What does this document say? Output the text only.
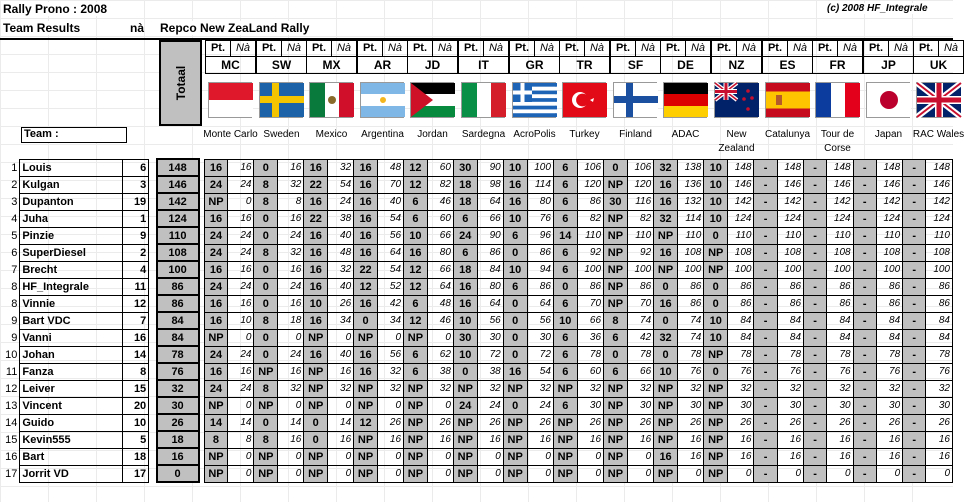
Rally Prono : 2008	(c) 2008 HF_Integrale
Team Results	nà Repco New ZeaLand Rally
Totaal
Team :
Pt. Nà
MC
Monte Carlo
Pt. Nà
SW
Sweden
Pt. Nà
MX
Mexico
Pt. Nà
AR
Argentina
Pt. Nà
JD
Jordan
Pt. Nà
IT
Sardegna
Pt. Nà
GR
AcroPolis
Pt. Nà
TR
Turkey
Pt. Nà
SF
Finland
Pt. Nà
DE
ADAC
Pt. Nà
NZ
New Zealand
Pt. Nà
ES
Catalunya
Pt. Nà
FR
Tour de Corse
Pt. Nà
JP
Japan
Pt. Nà
UK
RAC Wales
1	Louis	6		148		16	16	0	16	16	32	16	48	12	60	30	90	10	100	6	106	0	106	32	138	10	148	-	148	-	148	-	148	-	148
2	Kulgan	3		146		24	24	8	32	22	54	16	70	12	82	18	98	16	114	6	120	NP	120	16	136	10	146	-	146	-	146	-	146	-	146
3	Dupanton	19		142		NP	0	8	8	16	24	16	40	6	46	18	64	16	80	6	86	30	116	16	132	10	142	-	142	-	142	-	142	-	142
4	Juha	1		124		16	16	0	16	22	38	16	54	6	60	6	66	10	76	6	82	NP	82	32	114	10	124	-	124	-	124	-	124	-	124
5	Pinzie	9		110		24	24	0	24	16	40	16	56	10	66	24	90	6	96	14	110	NP	110	NP	110	0	110	-	110	-	110	-	110	-	110
6	SuperDiesel	2		108		24	24	8	32	16	48	16	64	16	80	6	86	0	86	6	92	NP	92	16	108	NP	108	-	108	-	108	-	108	-	108
7	Brecht	4		100		16	16	0	16	16	32	22	54	12	66	18	84	10	94	6	100	NP	100	NP	100	NP	100	-	100	-	100	-	100	-	100
8	HF_Integrale	11		86		24	24	0	24	16	40	12	52	12	64	16	80	6	86	0	86	NP	86	0	86	0	86	-	86	-	86	-	86	-	86
8	Vinnie	12		86		16	16	0	16	10	26	16	42	6	48	16	64	0	64	6	70	NP	70	16	86	0	86	-	86	-	86	-	86	-	86
9	Bart VDC	7		84		16	10	8	18	16	34	0	34	12	46	10	56	0	56	10	66	8	74	0	74	10	84	-	84	-	84	-	84	-	84
9	Vanni	16		84		NP	0	0	0	NP	0	NP	0	NP	0	30	30	0	30	6	36	6	42	32	74	10	84	-	84	-	84	-	84	-	84
10	Johan	14		78		24	24	0	24	16	40	16	56	6	62	10	72	0	72	6	78	0	78	0	78	NP	78	-	78	-	78	-	78	-	78
11	Fanza	8		76		16	16	NP	16	NP	16	16	32	6	38	0	38	16	54	6	60	6	66	10	76	0	76	-	76	-	76	-	76	-	76
12	Leiver	15		32		24	24	8	32	NP	32	NP	32	NP	32	NP	32	NP	32	NP	32	NP	32	NP	32	NP	32	-	32	-	32	-	32	-	32
13	Vincent	20		30		NP	0	NP	0	NP	0	NP	0	NP	0	24	24	0	24	6	30	NP	30	NP	30	NP	30	-	30	-	30	-	30	-	30
14	Guido	10		26		14	14	0	14	0	14	12	26	NP	26	NP	26	NP	26	NP	26	NP	26	NP	26	NP	26	-	26	-	26	-	26	-	26
15	Kevin555	5		18		8	8	8	16	0	16	NP	16	NP	16	NP	16	NP	16	NP	16	NP	16	NP	16	NP	16	-	16	-	16	-	16	-	16
16	Bart	18		16		NP	0	NP	0	NP	0	NP	0	NP	0	NP	0	NP	0	NP	0	NP	0	16	16	NP	16	-	16	-	16	-	16	-	16
17	Jorrit VD	17		0		NP	0	NP	0	NP	0	NP	0	NP	0	NP	0	NP	0	NP	0	NP	0	NP	0	NP	0	-	0	-	0	-	0	-	0
